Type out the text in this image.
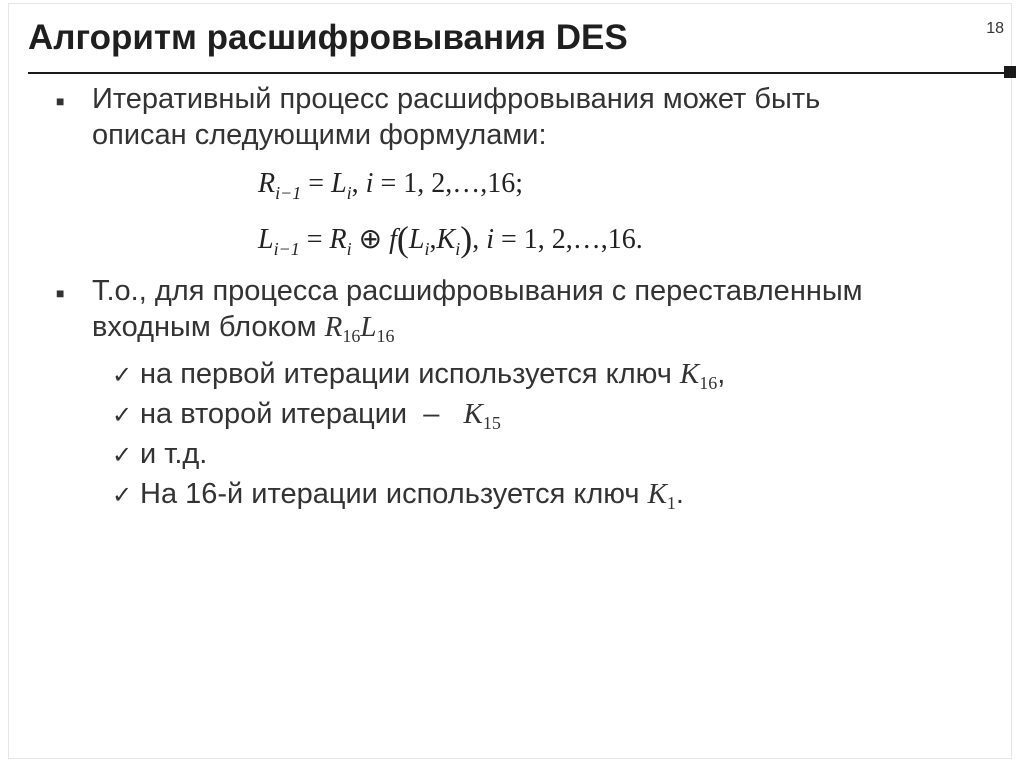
Алгоритм расшифровывания DES	18
■ Итеративный процесс расшифровывания может быть
описан следующими формулами:
$R_{i-1} = L_i$, i = 1, 2,…,16;
$L_{i-1} = R_i$ ⊕ $f(L_i,K_i)$, i = 1, 2,…,16.
■ Т.о., для процесса расшифровывания с переставленным
входным блоком $R_{16}L_{16}$
✓ на первой итерации используется ключ $K_{16}$,
✓ на второй итерации  –   $K_{15}$
✓ и т.д.
✓ На 16-й итерации используется ключ $K_1$.
